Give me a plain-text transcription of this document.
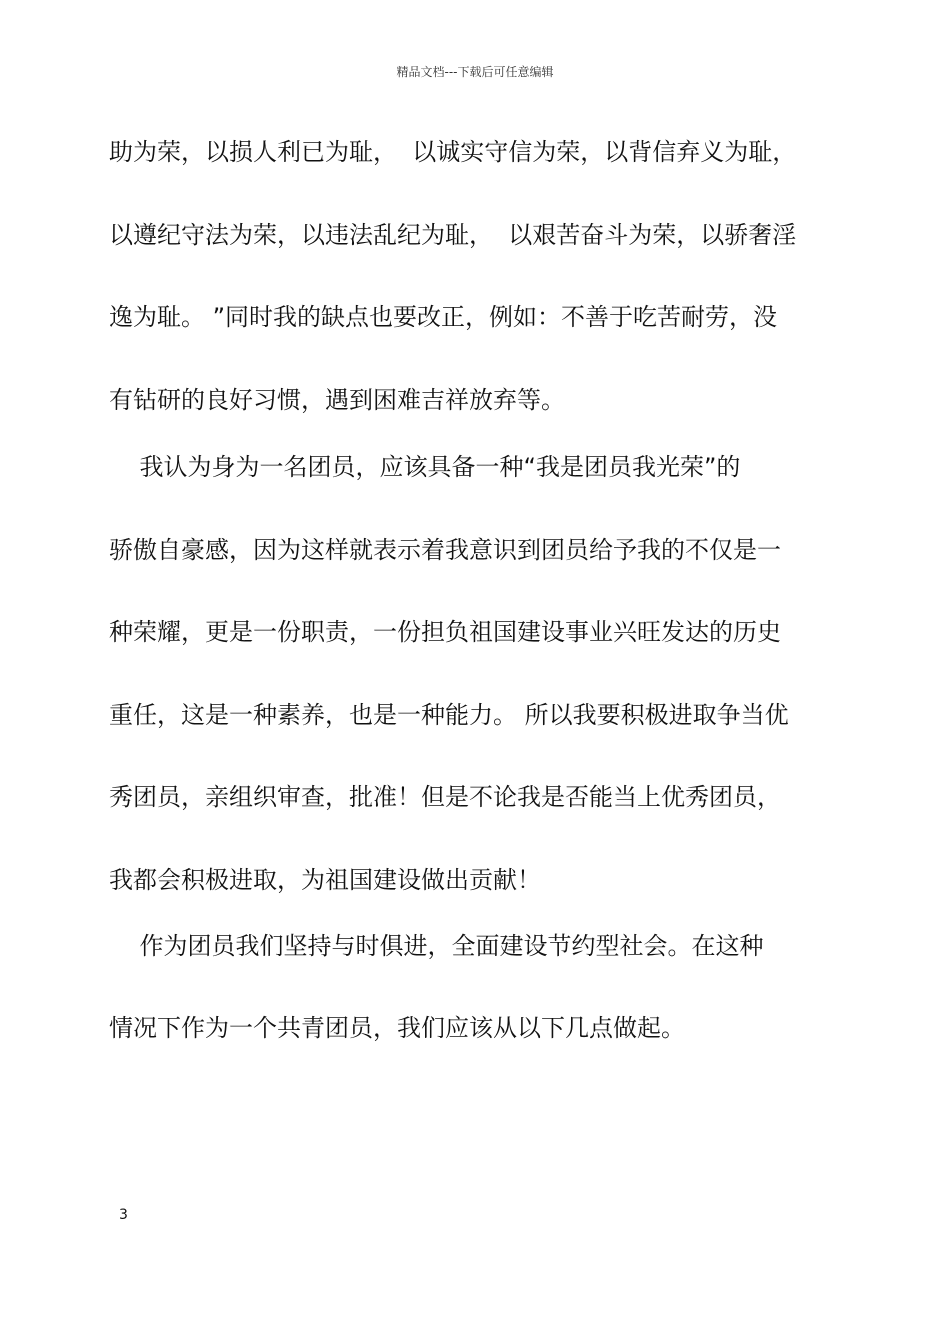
精品文档---下载后可任意编辑
助为荣，以损人利已为耻，  以诚实守信为荣，以背信弃义为耻，
以遵纪守法为荣，以违法乱纪为耻，  以艰苦奋斗为荣，以骄奢淫
逸为耻。 ”同时我的缺点也要改正，例如：不善于吃苦耐劳，没
有钻研的良好习惯，遇到困难吉祥放弃等。
我认为身为一名团员，应该具备一种“我是团员我光荣”的
骄傲自豪感，因为这样就表示着我意识到团员给予我的不仅是一
种荣耀，更是一份职责，一份担负祖国建设事业兴旺发达的历史
重任，这是一种素养，也是一种能力。 所以我要积极进取争当优
秀团员，亲组织审查，批准！但是不论我是否能当上优秀团员，
我都会积极进取，为祖国建设做出贡献！
作为团员我们坚持与时俱进，全面建设节约型社会。在这种
情况下作为一个共青团员，我们应该从以下几点做起。
3
